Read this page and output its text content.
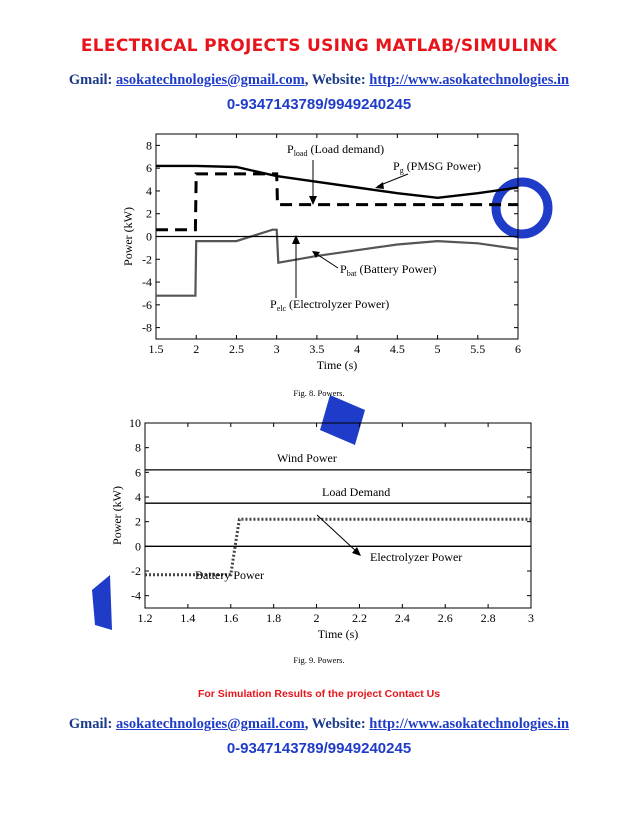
ELECTRICAL PROJECTS USING MATLAB/SIMULINK
Gmail: asokatechnologies@gmail.com, Website: http://www.asokatechnologies.in
0-9347143789/9949240245
1.5 2 2.5 3 3.5 4 4.5 5 5.5 6
8
6
4
2
0
-2
-4
-6
-8
Time (s)
Power (kW)
$P_{load}$ (Load demand)
$P_g$ (PMSG Power)
$P_{bat}$ (Battery Power)
$P_{elc}$ (Electrolyzer Power)
Fig. 8. Powers.
1.2 1.4 1.6 1.8	2	2.2 2.4 2.6 2.8	3
10
8
6
4
2
0
-2
-4
Time (s)
Power (kW)
Wind Power
Load Demand
Electrolyzer Power
Battery Power
Fig. 9. Powers.
For Simulation Results of the project Contact Us
Gmail: asokatechnologies@gmail.com, Website: http://www.asokatechnologies.in
0-9347143789/9949240245
